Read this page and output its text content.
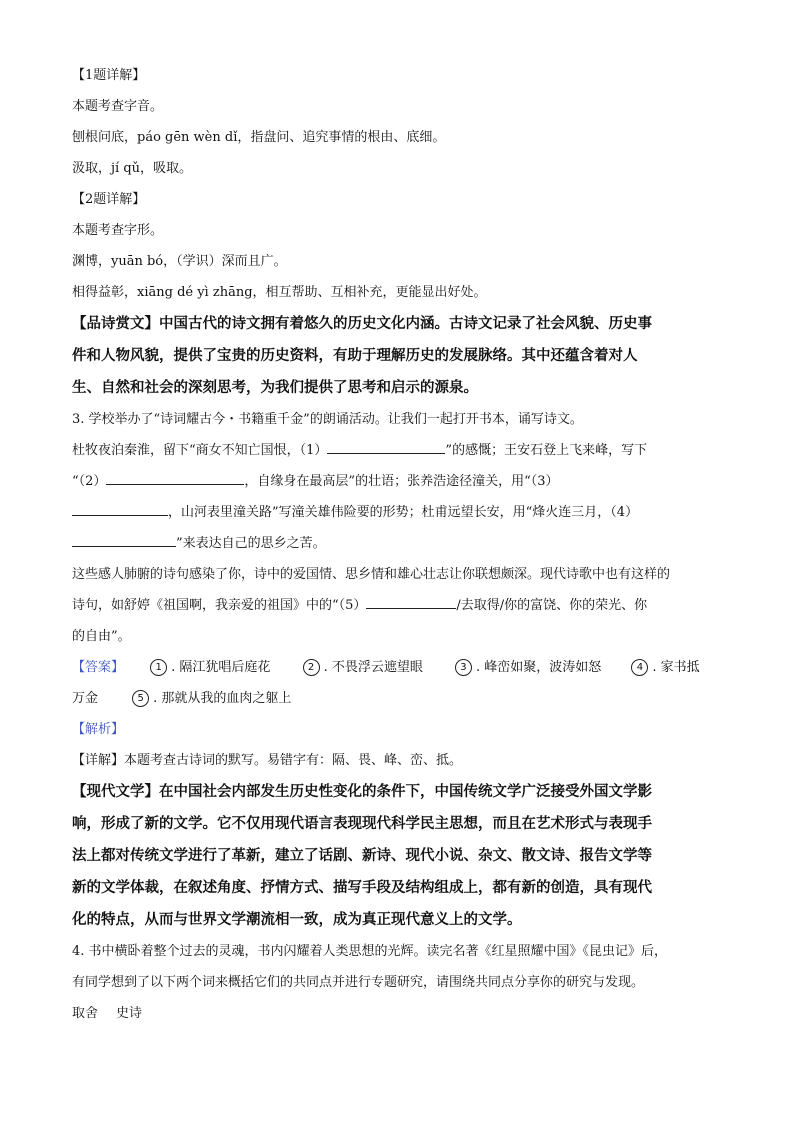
【1题详解】
本题考查字音。
刨根问底，páo gēn wèn dǐ，指盘问、追究事情的根由、底细。
汲取，jí qǔ，吸取。
【2题详解】
本题考查字形。
渊博，yuān bó，（学识）深而且广。
相得益彰，xiāng dé yì zhāng，相互帮助、互相补充，更能显出好处。
【品诗赏文】中国古代的诗文拥有着悠久的历史文化内涵。古诗文记录了社会风貌、历史事
件和人物风貌，提供了宝贵的历史资料，有助于理解历史的发展脉络。其中还蕴含着对人
生、自然和社会的深刻思考，为我们提供了思考和启示的源泉。
3. 学校举办了“诗词耀古今・书籍重千金”的朗诵活动。让我们一起打开书本，诵写诗文。
杜牧夜泊秦淮，留下“商女不知亡国恨，（1）	”的感慨；王安石登上飞来峰，写下
“（2）	，自缘身在最高层”的壮语；张养浩途径潼关，用“（3）
，山河表里潼关路”写潼关雄伟险要的形势；杜甫远望长安，用“烽火连三月，（4）
”来表达自己的思乡之苦。
这些感人肺腑的诗句感染了你，诗中的爱国情、思乡情和雄心壮志让你联想颇深。现代诗歌中也有这样的
诗句，如舒婷《祖国啊，我亲爱的祖国》中的“（5）	/去取得/你的富饶、你的荣光、你
的自由”。
【答案】	1 . 隔江犹唱后庭花	2 . 不畏浮云遮望眼	3 . 峰峦如聚，波涛如怒	4 . 家书抵
万金	5 . 那就从我的血肉之躯上
【解析】
【详解】本题考查古诗词的默写。易错字有：隔、畏、峰、峦、抵。
【现代文学】在中国社会内部发生历史性变化的条件下，中国传统文学广泛接受外国文学影
响，形成了新的文学。它不仅用现代语言表现现代科学民主思想，而且在艺术形式与表现手
法上都对传统文学进行了革新，建立了话剧、新诗、现代小说、杂文、散文诗、报告文学等
新的文学体裁，在叙述角度、抒情方式、描写手段及结构组成上，都有新的创造，具有现代
化的特点，从而与世界文学潮流相一致，成为真正现代意义上的文学。
4. 书中横卧着整个过去的灵魂，书内闪耀着人类思想的光辉。读完名著《红星照耀中国》《昆虫记》后，
有同学想到了以下两个词来概括它们的共同点并进行专题研究，请围绕共同点分享你的研究与发现。
取舍 史诗
